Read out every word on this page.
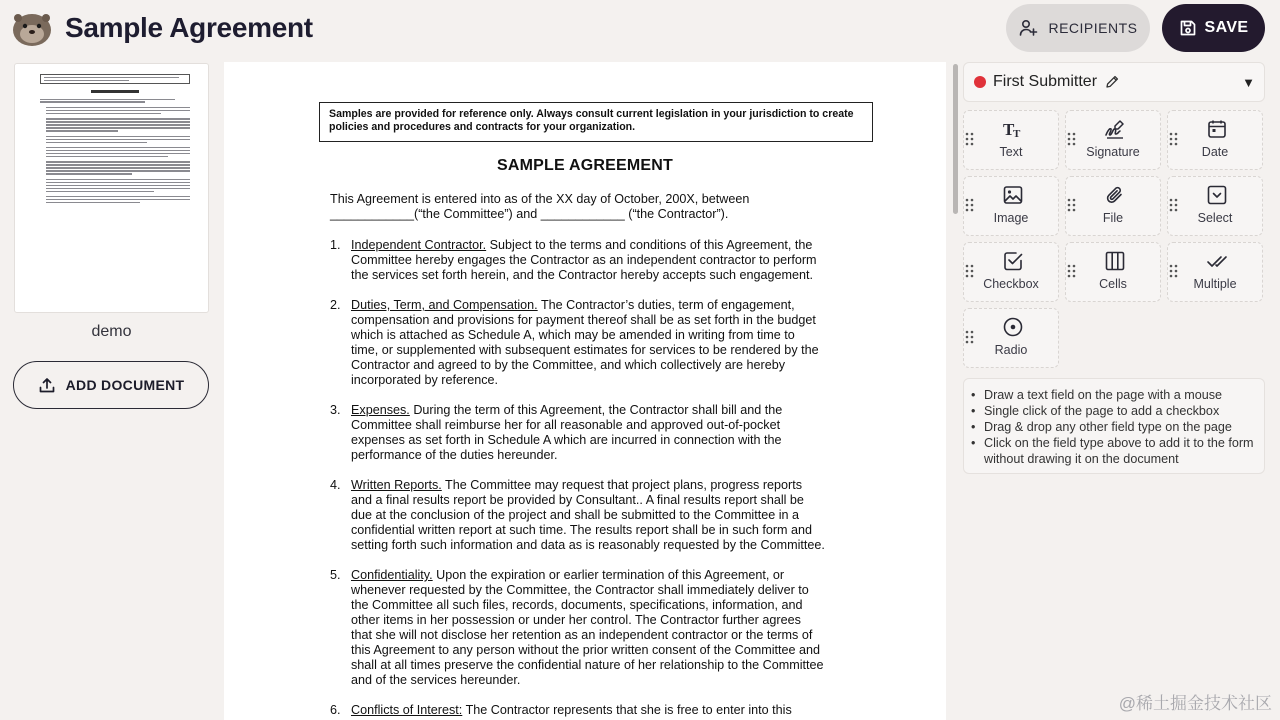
Sample Agreement	RECIPIENTS	SAVE
demo
ADD DOCUMENT
Samples are provided for reference only. Always consult current legislation in your jurisdiction to create policies and procedures and contracts for your organization.
SAMPLE AGREEMENT
This Agreement is entered into as of the XX day of October, 200X, between
____________(“the Committee”) and ____________ (“the Contractor”).
1. Independent Contractor. Subject to the terms and conditions of this Agreement, the
Committee hereby engages the Contractor as an independent contractor to perform
the services set forth herein, and the Contractor hereby accepts such engagement.
2. Duties, Term, and Compensation. The Contractor’s duties, term of engagement,
compensation and provisions for payment thereof shall be as set forth in the budget
which is attached as Schedule A, which may be amended in writing from time to
time, or supplemented with subsequent estimates for services to be rendered by the
Contractor and agreed to by the Committee, and which collectively are hereby
incorporated by reference.
3. Expenses. During the term of this Agreement, the Contractor shall bill and the
Committee shall reimburse her for all reasonable and approved out-of-pocket
expenses as set forth in Schedule A which are incurred in connection with the
performance of the duties hereunder.
4. Written Reports. The Committee may request that project plans, progress reports
and a final results report be provided by Consultant.. A final results report shall be
due at the conclusion of the project and shall be submitted to the Committee in a
confidential written report at such time. The results report shall be in such form and
setting forth such information and data as is reasonably requested by the Committee.
5. Confidentiality. Upon the expiration or earlier termination of this Agreement, or
whenever requested by the Committee, the Contractor shall immediately deliver to
the Committee all such files, records, documents, specifications, information, and
other items in her possession or under her control. The Contractor further agrees
that she will not disclose her retention as an independent contractor or the terms of
this Agreement to any person without the prior written consent of the Committee and
shall at all times preserve the confidential nature of her relationship to the Committee
and of the services hereunder.
6. Conflicts of Interest: The Contractor represents that she is free to enter into this
First Submitter	▼
T
T
Text	Signature	Date
Image	File	Select
Checkbox	Cells	Multiple
Radio
• Draw a text field on the page with a mouse
• Single click of the page to add a checkbox
• Drag & drop any other field type on the page
• Click on the field type above to add it to the form without drawing it on the document
@稀土掘金技术社区
